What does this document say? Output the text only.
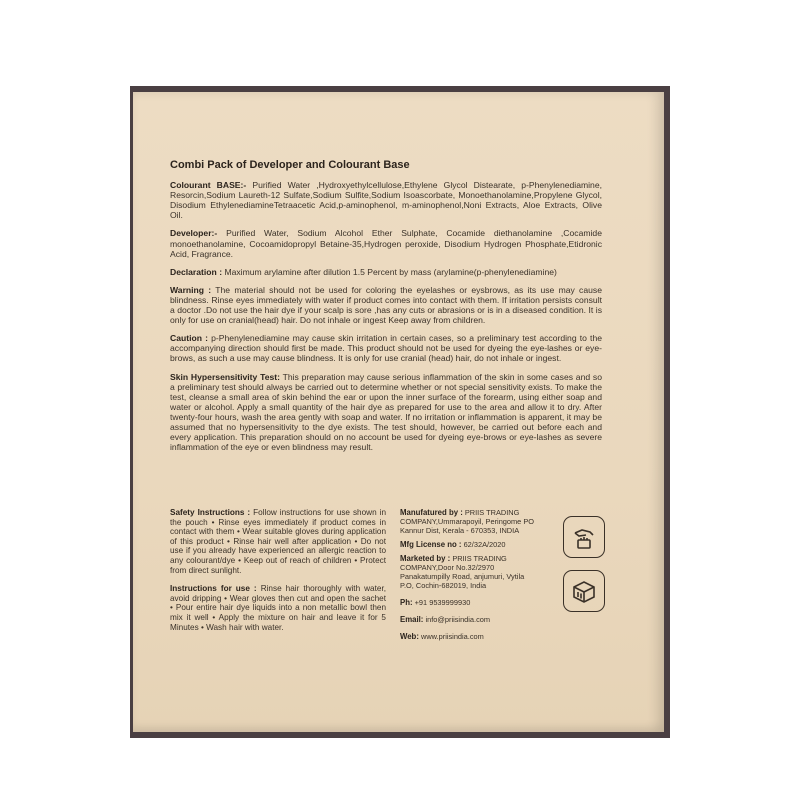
Combi Pack of Developer and Colourant Base
Colourant BASE:- Purified Water ,Hydroxyethylcellulose,Ethylene Glycol Distearate, p-Phenylenediamine, Resorcin,Sodium Laureth-12 Sulfate,Sodium Sulfite,Sodium Isoascorbate, Monoethanolamine,Propylene Glycol, Disodium EthylenediamineTetraacetic Acid,p-aminophenol, m-aminophenol,Noni Extracts, Aloe Extracts, Olive Oil.
Developer:- Purified Water, Sodium Alcohol Ether Sulphate, Cocamide diethanolamine ,Cocamide monoethanolamine, Cocoamidopropyl Betaine-35,Hydrogen peroxide, Disodium Hydrogen Phosphate,Etidronic Acid, Fragrance.
Declaration : Maximum arylamine after dilution 1.5 Percent by mass (arylamine(p-phenylenediamine)
Warning : The material should not be used for coloring the eyelashes or eysbrows, as its use may cause blindness. Rinse eyes immediately with water if product comes into contact with them. If irritation persists consult a doctor .Do not use the hair dye if your scalp is sore ,has any cuts or abrasions or is in a diseased condition. It is only for use on cranial(head) hair. Do not inhale or ingest Keep away from children.
Caution : p-Phenylenediamine may cause skin irritation in certain cases, so a preliminary test according to the accompanying direction should first be made. This product should not be used for dyeing the eye-lashes or eye-brows, as such a use may cause blindness. It is only for use cranial (head) hair, do not inhale or ingest.
Skin Hypersensitivity Test: This preparation may cause serious inflammation of the skin in some cases and so a preliminary test should always be carried out to determine whether or not special sensitivity exists. To make the test, cleanse a small area of skin behind the ear or upon the inner surface of the forearm, using either soap and water or alcohol. Apply a small quantity of the hair dye as prepared for use to the area and allow it to dry. After twenty-four hours, wash the area gently with soap and water. If no irritation or inflammation is apparent, it may be assumed that no hypersensitivity to the dye exists. The test should, however, be carried out before each and every application. This preparation should on no account be used for dyeing eye-brows or eye-lashes as severe inflammation of the eye or even blindness may result.
Safety Instructions : Follow instructions for use shown in the pouch • Rinse eyes immediately if product comes in contact with them • Wear suitable gloves during application of this product • Rinse hair well after application • Do not use if you already have experienced an allergic reaction to any colourant/dye • Keep out of reach of children • Protect from direct sunlight.
Instructions for use : Rinse hair thoroughly with water, avoid dripping • Wear gloves then cut and open the sachet • Pour entire hair dye liquids into a non metallic bowl then mix it well • Apply the mixture on hair and leave it for 5 Minutes • Wash hair with water.
Manufatured by : PRIIS TRADING COMPANY,Ummarapoyil, Peringome PO Kannur Dist, Kerala - 670353, INDIA
Mfg License no : 62/32A/2020
Marketed by : PRIIS TRADING COMPANY,Door No.32/2970 Panakatumpilly Road, anjumuri, Vytila P.O, Cochin-682019, India
Ph: +91 9539999930
Email: info@priisindia.com
Web: www.priisindia.com
